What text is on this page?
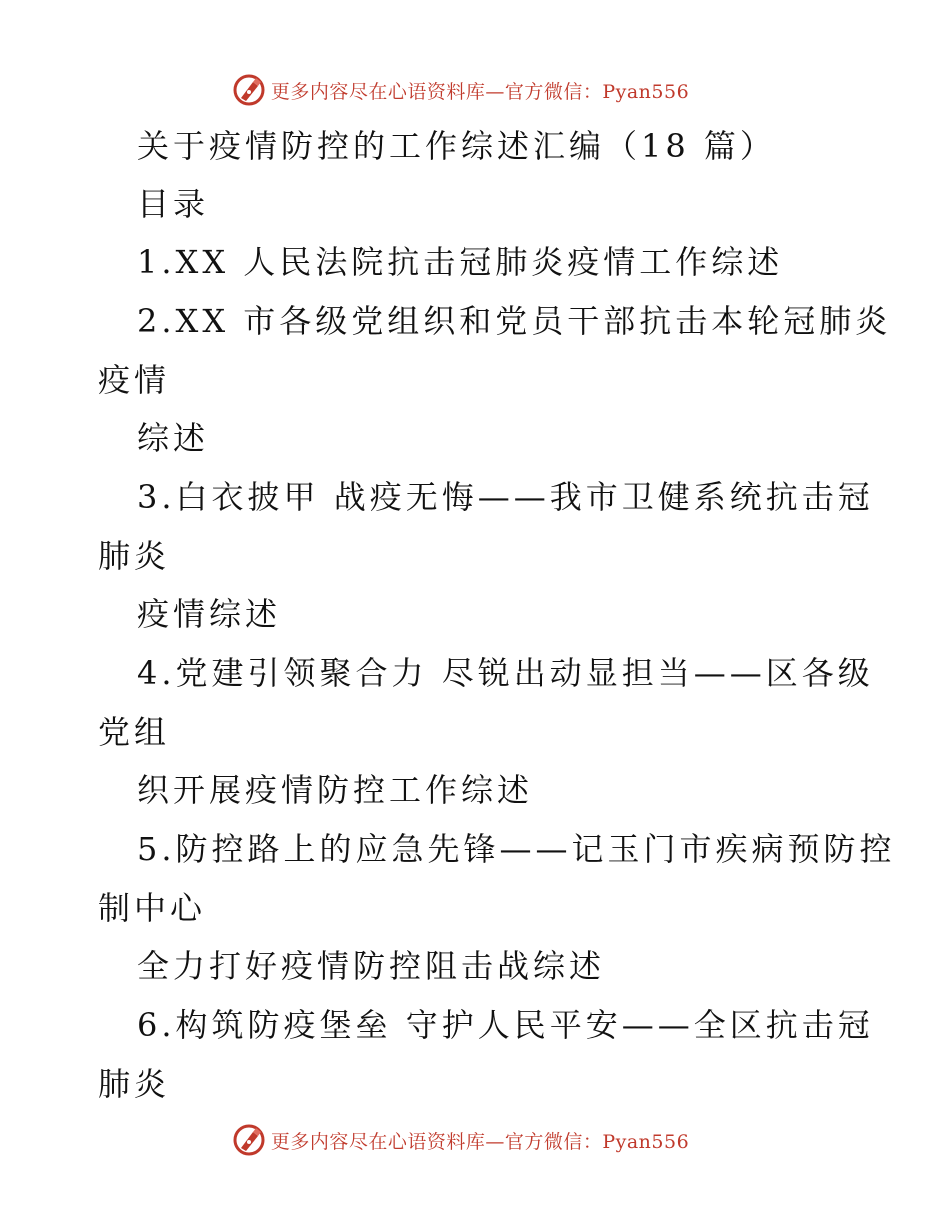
更多内容尽在心语资料库—官方微信：Pyan556
关于疫情防控的工作综述汇编（18 篇）
目录
1.XX 人民法院抗击冠肺炎疫情工作综述
2.XX 市各级党组织和党员干部抗击本轮冠肺炎
疫情
综述
3.白衣披甲 战疫无悔——我市卫健系统抗击冠
肺炎
疫情综述
4.党建引领聚合力 尽锐出动显担当——区各级
党组
织开展疫情防控工作综述
5.防控路上的应急先锋——记玉门市疾病预防控
制中心
全力打好疫情防控阻击战综述
6.构筑防疫堡垒 守护人民平安——全区抗击冠
肺炎
更多内容尽在心语资料库—官方微信：Pyan556
